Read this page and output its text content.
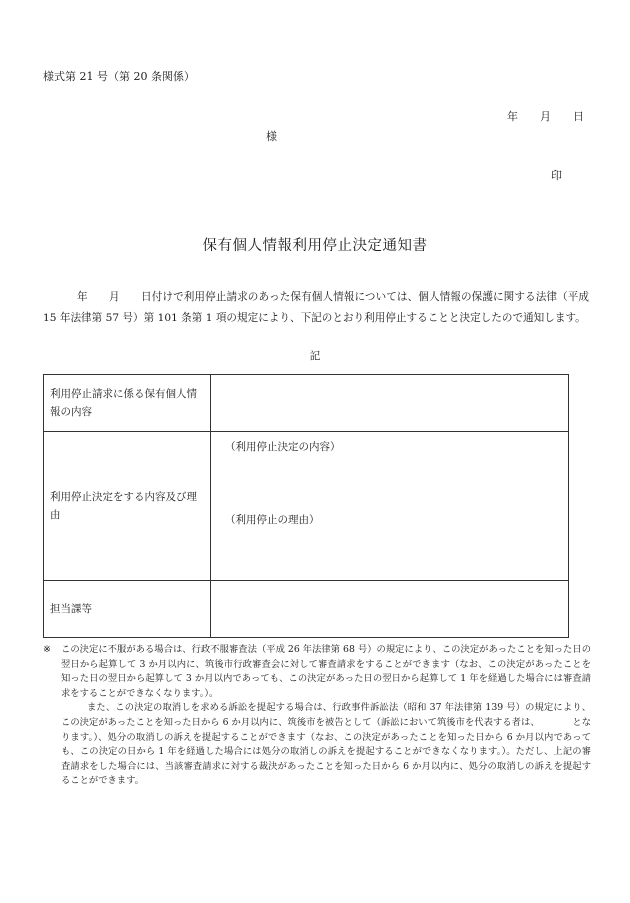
様式第 21 号（第 20 条関係）
年 月 日
様
印
保有個人情報利用停止決定通知書
年　　月　　日付けで利用停止請求のあった保有個人情報については、個人情報の保護に関する法律（平成 15 年法律第 57 号）第 101 条第 1 項の規定により、下記のとおり利用停止することと決定したので通知します。
記
利用停止請求に係る保有個人情報の内容	
利用停止決定をする内容及び理由	（利用停止決定の内容）
（利用停止の理由）

担当課等	
※ この決定に不服がある場合は、行政不服審査法（平成 26 年法律第 68 号）の規定により、この決定があったことを知った日の翌日から起算して 3 か月以内に、筑後市行政審査会に対して審査請求をすることができます（なお、この決定があったことを知った日の翌日から起算して 3 か月以内であっても、この決定があった日の翌日から起算して 1 年を経過した場合には審査請求をすることができなくなります。）。

また、この決定の取消しを求める訴訟を提起する場合は、行政事件訴訟法（昭和 37 年法律第 139 号）の規定により、この決定があったことを知った日から 6 か月以内に、筑後市を被告として（訴訟において筑後市を代表する者は、　　　　となります。）、処分の取消しの訴えを提起することができます（なお、この決定があったことを知った日から 6 か月以内であっても、この決定の日から 1 年を経過した場合には処分の取消しの訴えを提起することができなくなります。）。ただし、上記の審査請求をした場合には、当該審査請求に対する裁決があったことを知った日から 6 か月以内に、処分の取消しの訴えを提起することができます。
